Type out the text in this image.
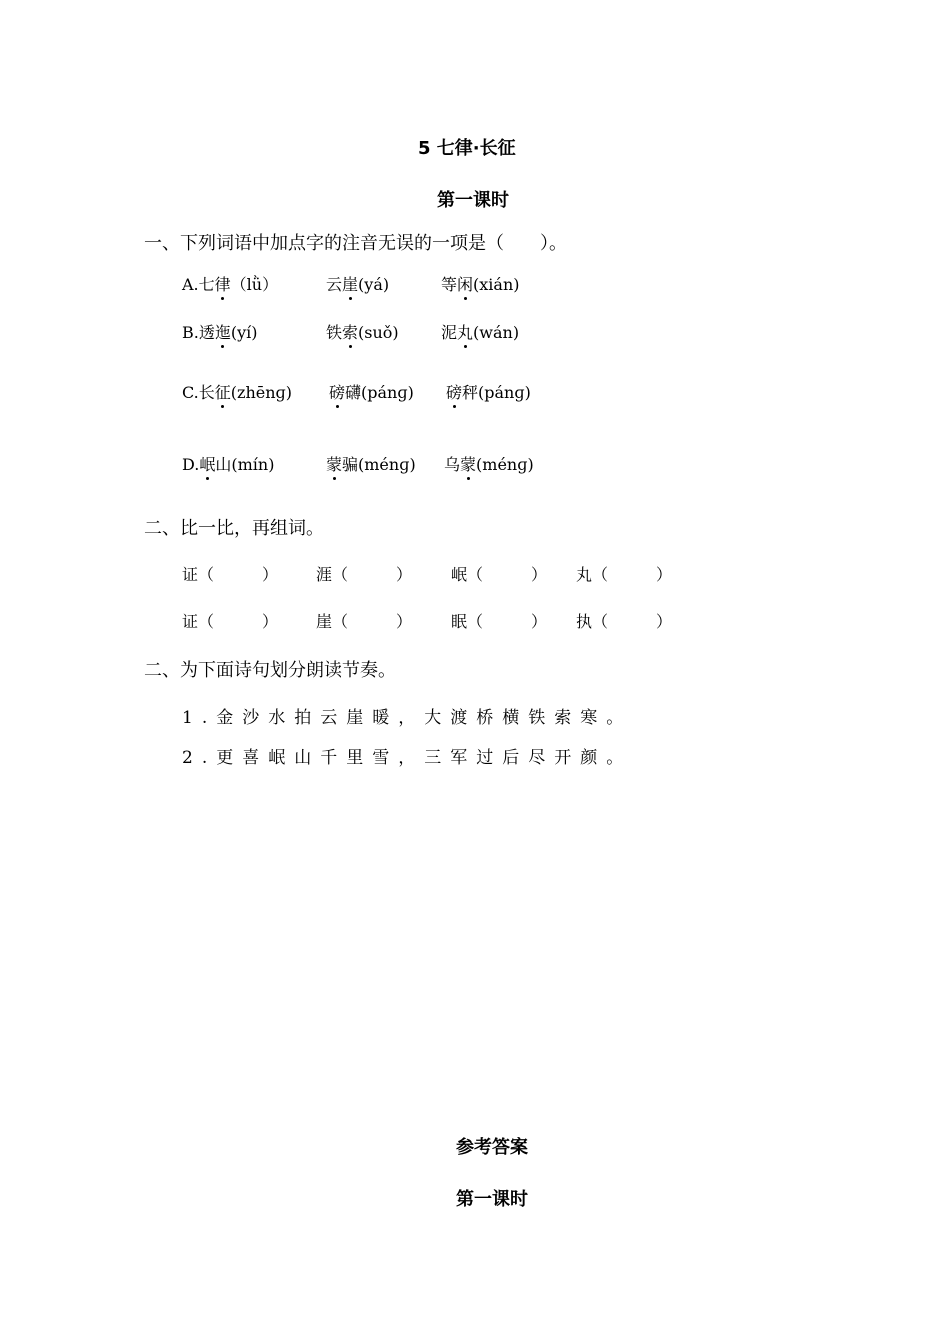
5 七律·长征
第一课时
一、下列词语中加点字的注音无误的一项是（　　）。
A.七律（lǜ）	云崖(yá)	等闲(xián)
B.透迤(yí)	铁索(suǒ)	泥丸(wán)
C.长征(zhēnɡ) 磅礴(pánɡ) 磅秤(pánɡ)
D.岷山(mín)	蒙骗(ménɡ) 乌蒙(ménɡ)
二、比一比，再组词。
证（　　　） 涯（　　　） 岷（　　　） 丸（　　　）
证（　　　） 崖（　　　） 眠（　　　） 执（　　　）
二、为下面诗句划分朗读节奏。
1.金沙水拍云崖暖，大渡桥横铁索寒。
2.更喜岷山千里雪，三军过后尽开颜。
参考答案
第一课时
